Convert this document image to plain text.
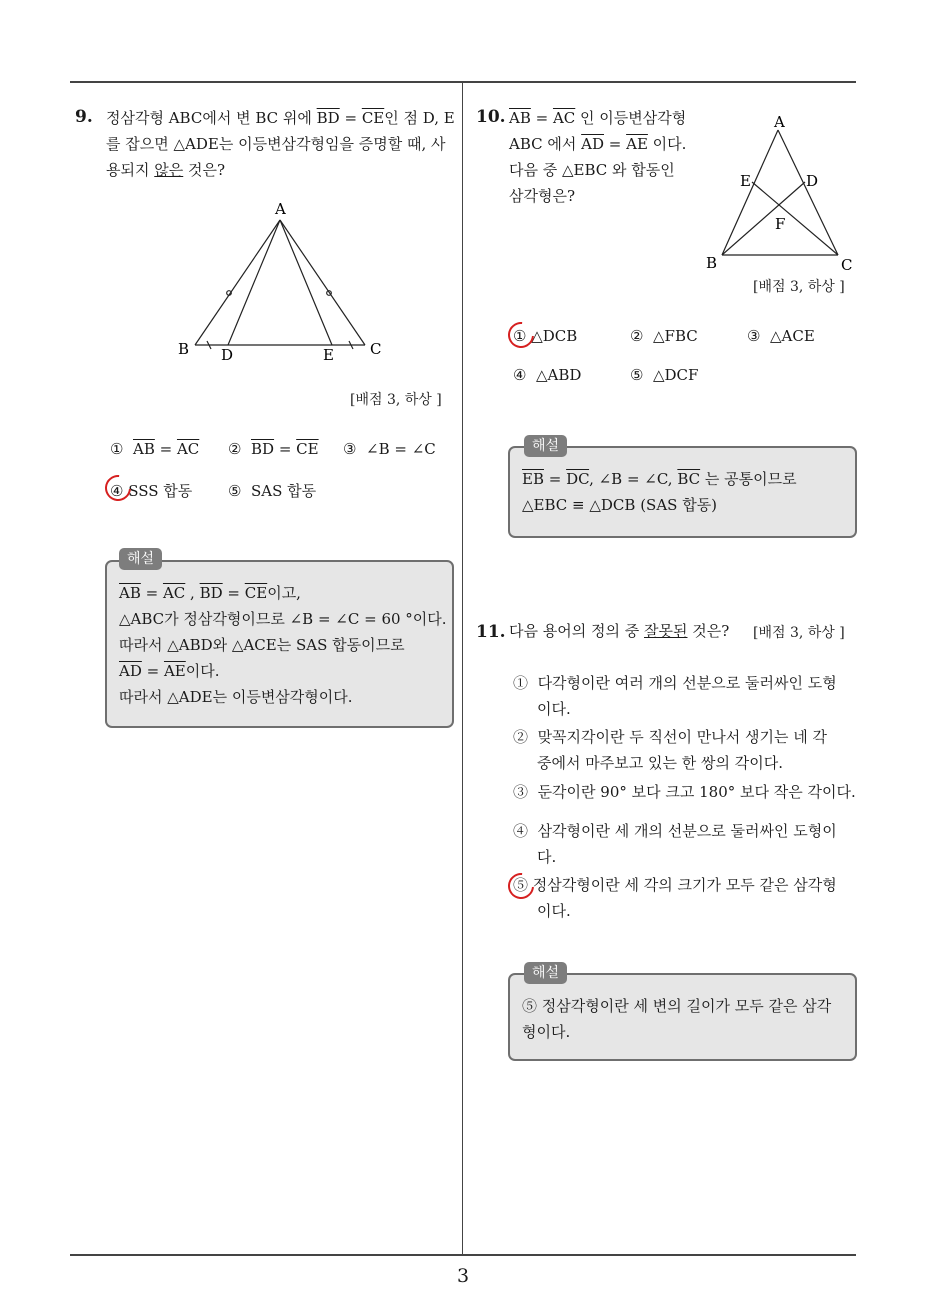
9. 정삼각형 ABC에서 변 BC 위에 $\overline{BD} = \overline{CE}$인 점 D, E
를 잡으면 △ADE는 이등변삼각형임을 증명할 때, 사
용되지 않은 것은?
A
B	C
D	E
[배점 3, 하상 ]
① $\overline{AB} = \overline{AC}$ ② $\overline{BD} = \overline{CE}$ ③ ∠B = ∠C
④ SSS 합동 ⑤ SAS 합동
$\overline{AB} = \overline{AC}$ , $\overline{BD} = \overline{CE}$이고,
△ABC가 정삼각형이므로 ∠B = ∠C = 60 °이다.
따라서 △ABD와 △ACE는 SAS 합동이므로
$\overline{AD} = \overline{AE}$이다.
따라서 △ADE는 이등변삼각형이다.
해설
10. $\overline{AB} = \overline{AC}$ 인 이등변삼각형
ABC 에서 $\overline{AD} = \overline{AE}$ 이다.
다음 중 △EBC 와 합동인
삼각형은?
A
B	C
D
E
F
[배점 3, 하상 ]
① △DCB	② △FBC	③ △ACE
④ △ABD	⑤ △DCF
$\overline{EB} = \overline{DC}$, ∠B = ∠C, $\overline{BC}$ 는 공통이므로
△EBC ≡ △DCB (SAS 합동)
해설
11. 다음 용어의 정의 중 잘못된 것은? [배점 3, 하상 ]
① 다각형이란 여러 개의 선분으로 둘러싸인 도형
이다.
② 맞꼭지각이란 두 직선이 만나서 생기는 네 각
중에서 마주보고 있는 한 쌍의 각이다.
③ 둔각이란 90° 보다 크고 180° 보다 작은 각이다.
④ 삼각형이란 세 개의 선분으로 둘러싸인 도형이
다.
⑤ 정삼각형이란 세 각의 크기가 모두 같은 삼각형
이다.
⑤ 정삼각형이란 세 변의 길이가 모두 같은 삼각
형이다.
해설
3
